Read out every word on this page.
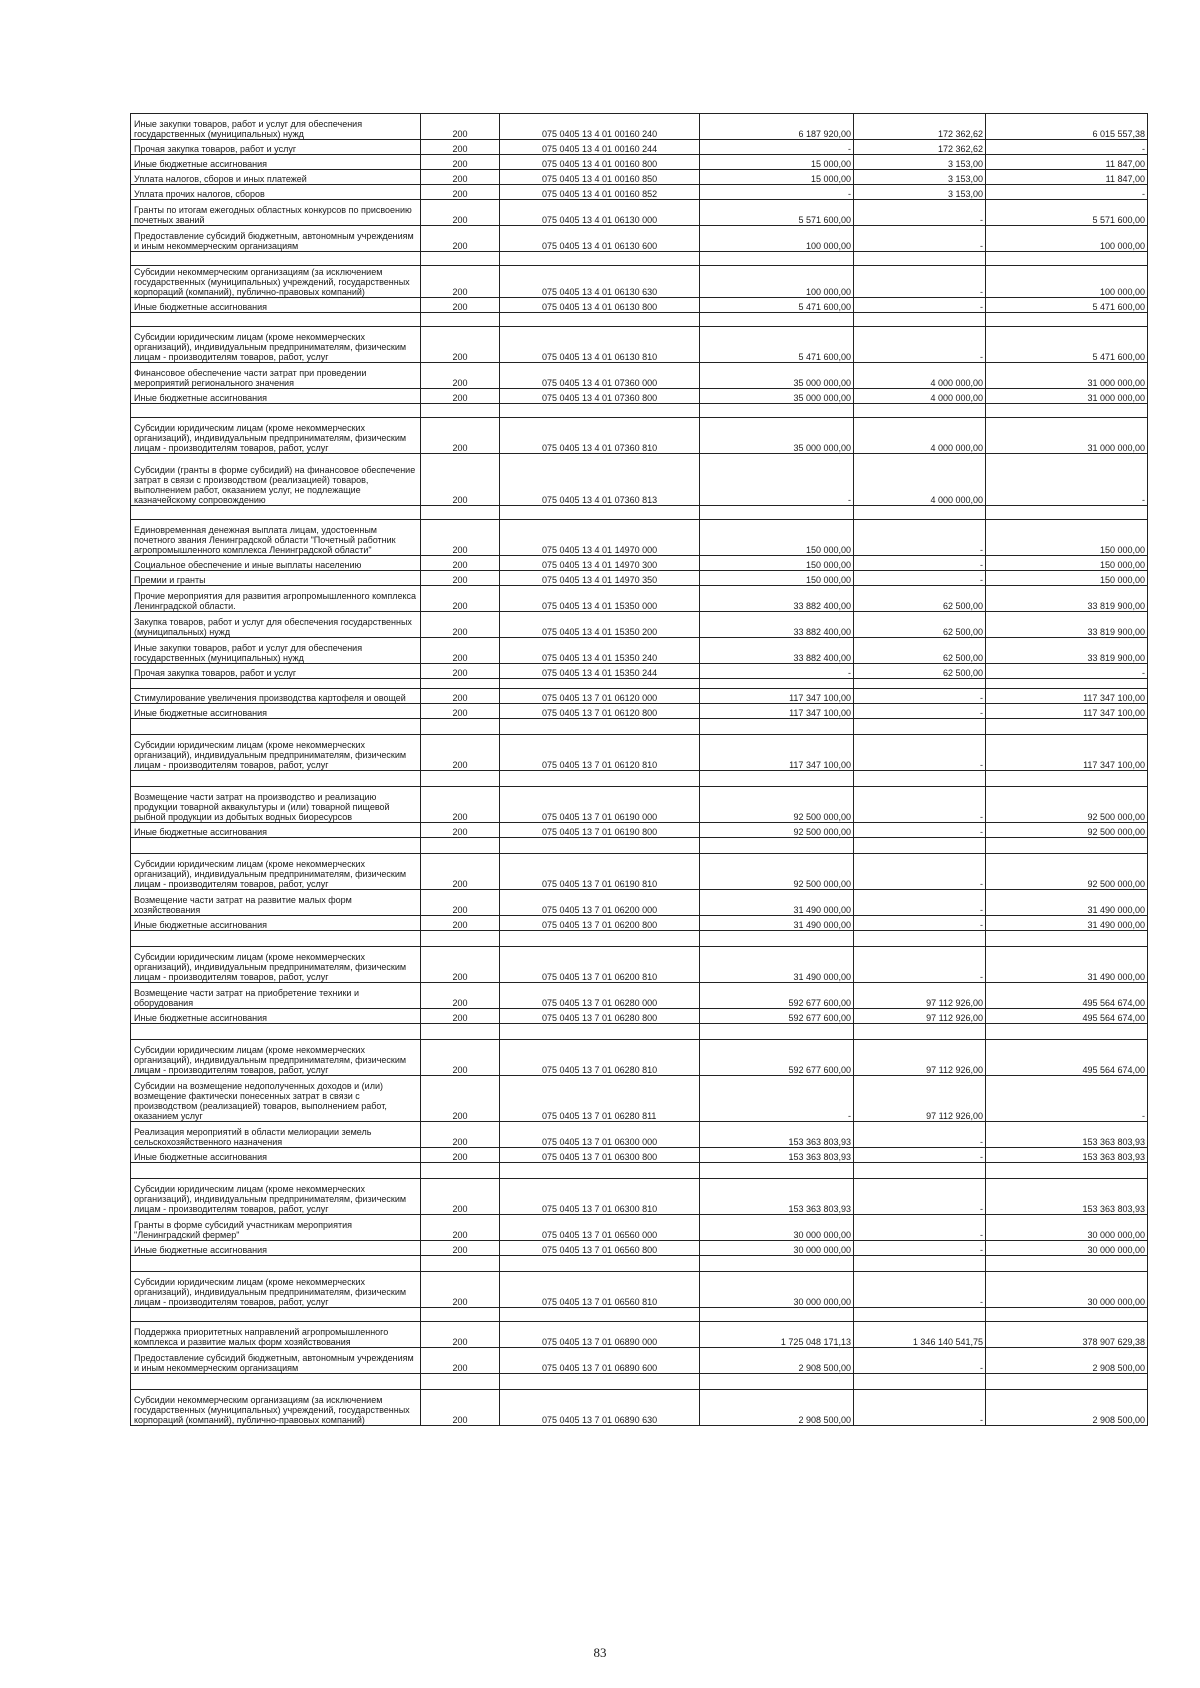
Иные закупки товаров, работ и услуг для обеспечения государственных (муниципальных) нужд	200	075 0405 13 4 01 00160 240	6 187 920,00	172 362,62	6 015 557,38
Прочая закупка товаров, работ и услуг	200	075 0405 13 4 01 00160 244	-	172 362,62	-
Иные бюджетные ассигнования	200	075 0405 13 4 01 00160 800	15 000,00	3 153,00	11 847,00
Уплата налогов, сборов и иных платежей	200	075 0405 13 4 01 00160 850	15 000,00	3 153,00	11 847,00
Уплата прочих налогов, сборов	200	075 0405 13 4 01 00160 852	-	3 153,00	-
Гранты по итогам ежегодных областных конкурсов по присвоению почетных званий	200	075 0405 13 4 01 06130 000	5 571 600,00	-	5 571 600,00
Предоставление субсидий бюджетным, автономным учреждениям и иным некоммерческим организациям	200	075 0405 13 4 01 06130 600	100 000,00	-	100 000,00

Субсидии некоммерческим организациям (за исключением государственных (муниципальных) учреждений, государственных корпораций (компаний), публично-правовых компаний)	200	075 0405 13 4 01 06130 630	100 000,00	-	100 000,00
Иные бюджетные ассигнования	200	075 0405 13 4 01 06130 800	5 471 600,00	-	5 471 600,00

Субсидии юридическим лицам (кроме некоммерческих организаций), индивидуальным предпринимателям, физическим лицам - производителям товаров, работ, услуг	200	075 0405 13 4 01 06130 810	5 471 600,00	-	5 471 600,00
Финансовое обеспечение части затрат при проведении мероприятий регионального значения	200	075 0405 13 4 01 07360 000	35 000 000,00	4 000 000,00	31 000 000,00
Иные бюджетные ассигнования	200	075 0405 13 4 01 07360 800	35 000 000,00	4 000 000,00	31 000 000,00

Субсидии юридическим лицам (кроме некоммерческих организаций), индивидуальным предпринимателям, физическим лицам - производителям товаров, работ, услуг	200	075 0405 13 4 01 07360 810	35 000 000,00	4 000 000,00	31 000 000,00
Субсидии (гранты в форме субсидий) на финансовое обеспечение затрат в связи с производством (реализацией) товаров, выполнением работ, оказанием услуг, не подлежащие казначейскому сопровождению	200	075 0405 13 4 01 07360 813	-	4 000 000,00	-

Единовременная денежная выплата лицам, удостоенным почетного звания Ленинградской области "Почетный работник агропромышленного комплекса Ленинградской области"	200	075 0405 13 4 01 14970 000	150 000,00	-	150 000,00
Социальное обеспечение и иные выплаты населению	200	075 0405 13 4 01 14970 300	150 000,00	-	150 000,00
Премии и гранты	200	075 0405 13 4 01 14970 350	150 000,00	-	150 000,00
Прочие мероприятия для развития агропромышленного комплекса Ленинградской области.	200	075 0405 13 4 01 15350 000	33 882 400,00	62 500,00	33 819 900,00
Закупка товаров, работ и услуг для обеспечения государственных (муниципальных) нужд	200	075 0405 13 4 01 15350 200	33 882 400,00	62 500,00	33 819 900,00
Иные закупки товаров, работ и услуг для обеспечения государственных (муниципальных) нужд	200	075 0405 13 4 01 15350 240	33 882 400,00	62 500,00	33 819 900,00
Прочая закупка товаров, работ и услуг	200	075 0405 13 4 01 15350 244	-	62 500,00	-

Стимулирование увеличения производства картофеля и овощей	200	075 0405 13 7 01 06120 000	117 347 100,00	-	117 347 100,00
Иные бюджетные ассигнования	200	075 0405 13 7 01 06120 800	117 347 100,00	-	117 347 100,00

Субсидии юридическим лицам (кроме некоммерческих организаций), индивидуальным предпринимателям, физическим лицам - производителям товаров, работ, услуг	200	075 0405 13 7 01 06120 810	117 347 100,00	-	117 347 100,00

Возмещение части затрат на производство и реализацию продукции товарной аквакультуры и (или) товарной пищевой рыбной продукции из добытых водных биоресурсов	200	075 0405 13 7 01 06190 000	92 500 000,00	-	92 500 000,00
Иные бюджетные ассигнования	200	075 0405 13 7 01 06190 800	92 500 000,00	-	92 500 000,00

Субсидии юридическим лицам (кроме некоммерческих организаций), индивидуальным предпринимателям, физическим лицам - производителям товаров, работ, услуг	200	075 0405 13 7 01 06190 810	92 500 000,00	-	92 500 000,00
Возмещение части затрат на развитие малых форм хозяйствования	200	075 0405 13 7 01 06200 000	31 490 000,00	-	31 490 000,00
Иные бюджетные ассигнования	200	075 0405 13 7 01 06200 800	31 490 000,00	-	31 490 000,00

Субсидии юридическим лицам (кроме некоммерческих организаций), индивидуальным предпринимателям, физическим лицам - производителям товаров, работ, услуг	200	075 0405 13 7 01 06200 810	31 490 000,00	-	31 490 000,00
Возмещение части затрат на приобретение техники и оборудования	200	075 0405 13 7 01 06280 000	592 677 600,00	97 112 926,00	495 564 674,00
Иные бюджетные ассигнования	200	075 0405 13 7 01 06280 800	592 677 600,00	97 112 926,00	495 564 674,00

Субсидии юридическим лицам (кроме некоммерческих организаций), индивидуальным предпринимателям, физическим лицам - производителям товаров, работ, услуг	200	075 0405 13 7 01 06280 810	592 677 600,00	97 112 926,00	495 564 674,00
Субсидии на возмещение недополученных доходов и (или) возмещение фактически понесенных затрат в связи с производством (реализацией) товаров, выполнением работ, оказанием услуг	200	075 0405 13 7 01 06280 811	-	97 112 926,00	-
Реализация мероприятий в области мелиорации земель сельскохозяйственного назначения	200	075 0405 13 7 01 06300 000	153 363 803,93	-	153 363 803,93
Иные бюджетные ассигнования	200	075 0405 13 7 01 06300 800	153 363 803,93	-	153 363 803,93

Субсидии юридическим лицам (кроме некоммерческих организаций), индивидуальным предпринимателям, физическим лицам - производителям товаров, работ, услуг	200	075 0405 13 7 01 06300 810	153 363 803,93	-	153 363 803,93
Гранты в форме субсидий участникам мероприятия "Ленинградский фермер"	200	075 0405 13 7 01 06560 000	30 000 000,00	-	30 000 000,00
Иные бюджетные ассигнования	200	075 0405 13 7 01 06560 800	30 000 000,00	-	30 000 000,00

Субсидии юридическим лицам (кроме некоммерческих организаций), индивидуальным предпринимателям, физическим лицам - производителям товаров, работ, услуг	200	075 0405 13 7 01 06560 810	30 000 000,00	-	30 000 000,00

Поддержка приоритетных направлений агропромышленного комплекса и развитие малых форм хозяйствования	200	075 0405 13 7 01 06890 000	1 725 048 171,13	1 346 140 541,75	378 907 629,38
Предоставление субсидий бюджетным, автономным учреждениям и иным некоммерческим организациям	200	075 0405 13 7 01 06890 600	2 908 500,00	-	2 908 500,00

Субсидии некоммерческим организациям (за исключением государственных (муниципальных) учреждений, государственных корпораций (компаний), публично-правовых компаний)	200	075 0405 13 7 01 06890 630	2 908 500,00	-	2 908 500,00
83
